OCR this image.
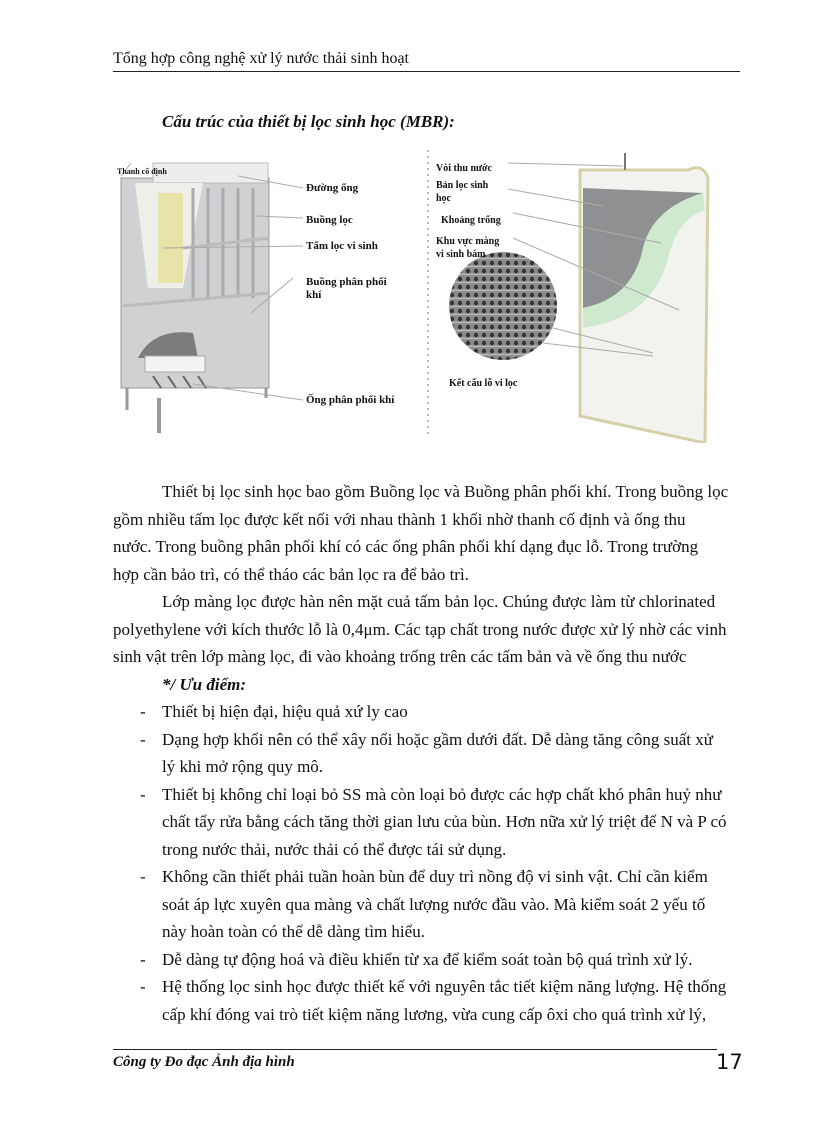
Tổng hợp công nghệ xử lý nước thải sinh hoạt
Cấu trúc của thiết bị lọc sinh học (MBR):
Thanh cố định
Đường ống
Buồng lọc
Tấm lọc vi sinh
Buồng phân phối
khí
Ống phân phối khí
Vòi thu nước
Bản lọc sinh
học
Khoảng trống
Khu vực màng
vi sinh bám
Kết cấu lỗ vi lọc
Thiết bị lọc sinh học bao gồm Buồng lọc và Buồng phân phối khí. Trong buồng lọc
gồm nhiều tấm lọc được kết nối với nhau thành 1 khối nhờ thanh cố định và ống thu
nước. Trong buồng phân phối khí có các ống phân phối khí dạng đục lỗ. Trong trường
hợp cần bảo trì, có thể tháo các bản lọc ra để bảo trì.
Lớp màng lọc được hàn nên mặt cuả tấm bản lọc. Chúng được làm từ chlorinated
polyethylene với kích thước lỗ là 0,4μm. Các tạp chất trong nước được xử lý nhờ các vinh
sinh vật trên lớp màng lọc, đi vào khoảng trống trên các tấm bản và về ống thu nước
*/ Ưu điểm:
- Thiết bị hiện đại, hiệu quả xứ ly cao
- Dạng hợp khối nên có thể xây nổi hoặc gầm dưới đất. Dễ dàng tăng công suất xử
lý khi mở rộng quy mô.
- Thiết bị không chỉ loại bỏ SS mà còn loại bỏ được các hợp chất khó phân huỷ như
chất tẩy rửa bằng cách tăng thời gian lưu của bùn. Hơn nữa xử lý triệt để N và P có
trong nước thải, nước thải có thể được tái sử dụng.
- Không cần thiết phải tuần hoàn bùn để duy trì nồng độ vi sinh vật. Chỉ cần kiểm
soát áp lực xuyên qua màng và chất lượng nước đầu vào. Mà kiểm soát 2 yếu tố
này hoàn toàn có thể dễ dàng tìm hiểu.
- Dễ dàng tự động hoá và điều khiển từ xa để kiểm soát toàn bộ quá trình xử lý.
- Hệ thống lọc sinh học được thiết kế với nguyên tắc tiết kiệm năng lượng. Hệ thống
cấp khí đóng vai trò tiết kiệm năng lương, vừa cung cấp ôxi cho quá trình xử lý,
Công ty Đo đạc Ảnh địa hình	17
